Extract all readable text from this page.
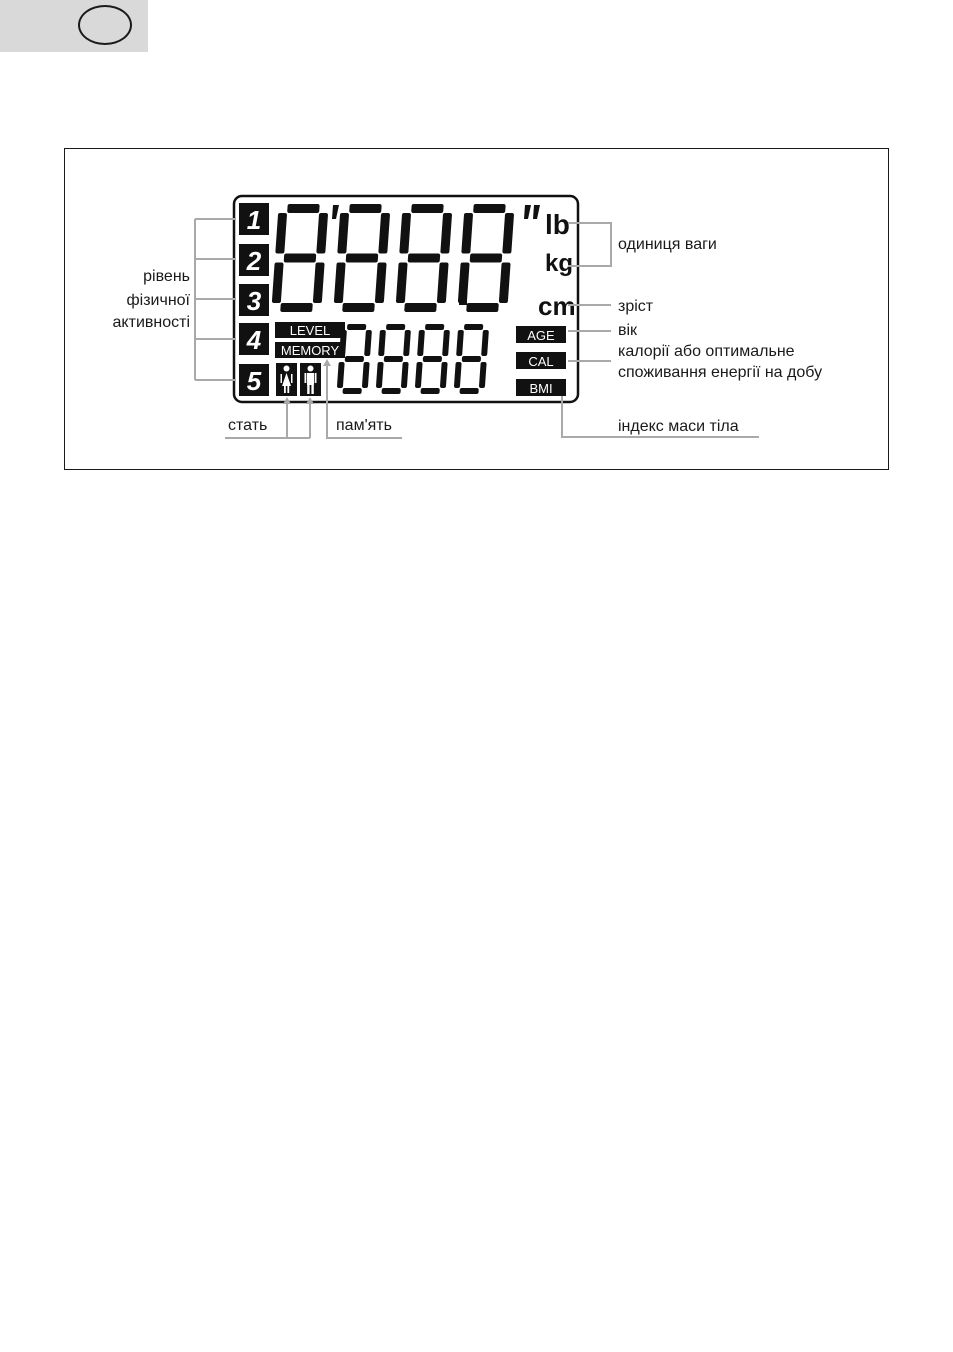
1
2
3
4
5
lb
kg
cm
LEVEL
MEMORY
AGE
CAL
BMI
рівень
фізичної
активності
одиниця ваги
зріст
вік
калорії або оптимальне
споживання енергії на добу
індекс маси тіла
стать	пам'ять
